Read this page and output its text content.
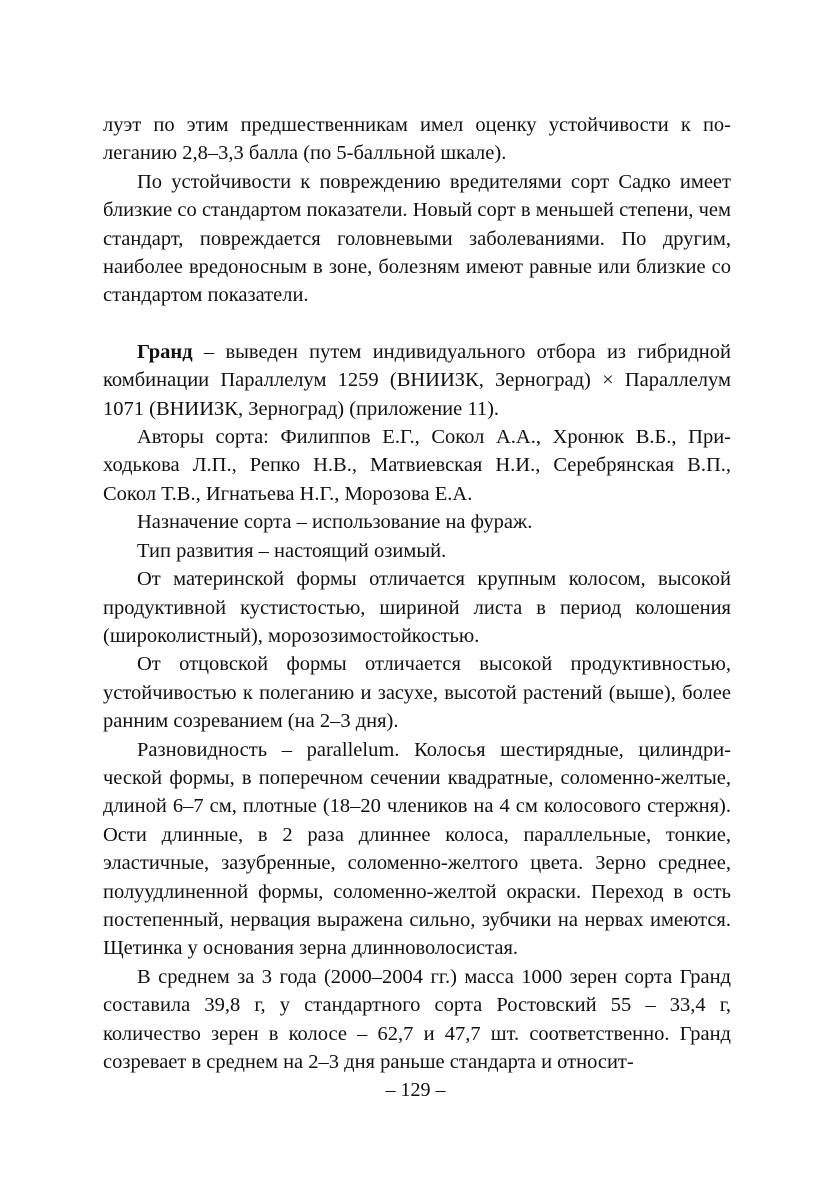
луэт по этим предшественникам имел оценку устойчивости к полеганию 2,8–3,3 балла (по 5-балльной шкале).

По устойчивости к повреждению вредителями сорт Садко имеет близкие со стандартом показатели. Новый сорт в меньшей степени, чем стандарт, повреждается головневыми заболеваниями. По другим, наиболее вредоносным в зоне, болезням имеют равные или близкие со стандартом показатели.

Гранд – выведен путем индивидуального отбора из гибридной комбинации Параллелум 1259 (ВНИИЗК, Зерноград) × Параллелум 1071 (ВНИИЗК, Зерноград) (приложение 11).

Авторы сорта: Филиппов Е.Г., Сокол А.А., Хронюк В.Б., Приходькова Л.П., Репко Н.В., Матвиевская Н.И., Серебрянская В.П., Сокол Т.В., Игнатьева Н.Г., Морозова Е.А.

Назначение сорта – использование на фураж.

Тип развития – настоящий озимый.

От материнской формы отличается крупным колосом, высокой продуктивной кустистостью, шириной листа в период колошения (широколистный), морозозимостойкостью.

От отцовской формы отличается высокой продуктивностью, устойчивостью к полеганию и засухе, высотой растений (выше), более ранним созреванием (на 2–3 дня).

Разновидность – parallelum. Колосья шестирядные, цилиндрической формы, в поперечном сечении квадратные, соломенно-желтые, длиной 6–7 см, плотные (18–20 члеников на 4 см колосового стержня). Ости длинные, в 2 раза длиннее колоса, параллельные, тонкие, эластичные, зазубренные, соломенно-желтого цвета. Зерно среднее, полуудлиненной формы, соломенно-желтой окраски. Переход в ость постепенный, нервация выражена сильно, зубчики на нервах имеются. Щетинка у основания зерна длинноволосистая.

В среднем за 3 года (2000–2004 гг.) масса 1000 зерен сорта Гранд составила 39,8 г, у стандартного сорта Ростовский 55 – 33,4 г, количество зерен в колосе – 62,7 и 47,7 шт. соответственно. Гранд созревает в среднем на 2–3 дня раньше стандарта и относит-

– 129 –
